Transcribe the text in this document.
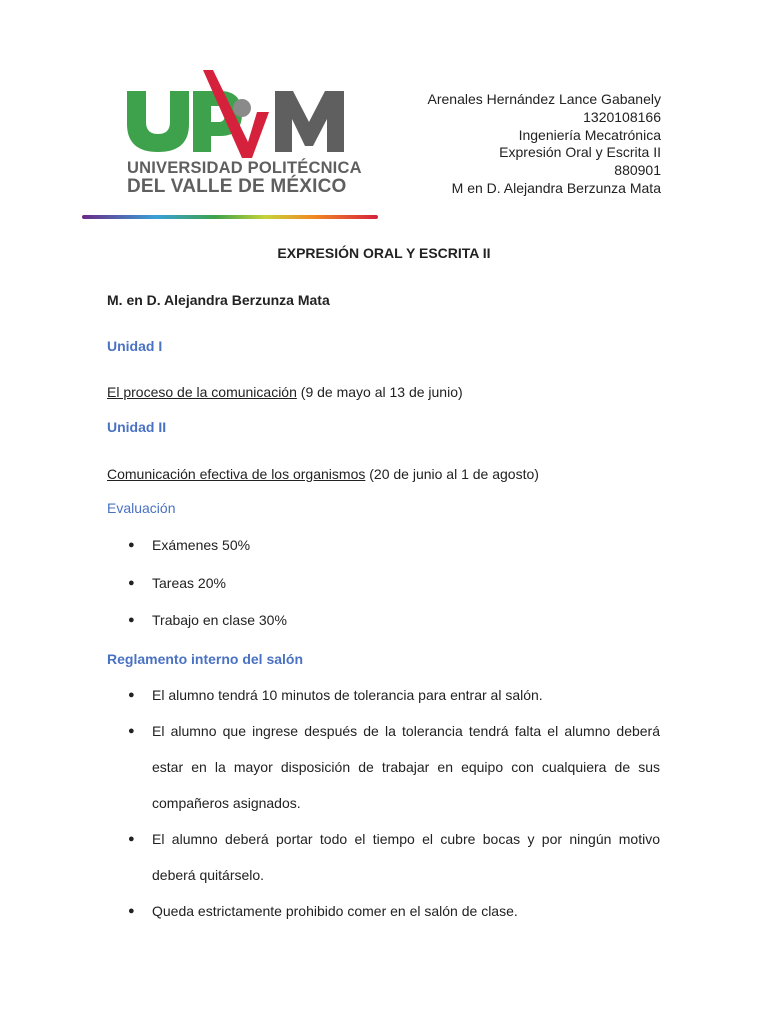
UNIVERSIDAD POLITÉCNICA
DEL VALLE DE MÉXICO
Arenales Hernández Lance Gabanely
1320108166
Ingeniería Mecatrónica
Expresión Oral y Escrita II
880901
M en D. Alejandra Berzunza Mata
EXPRESIÓN ORAL Y ESCRITA II
M. en D. Alejandra Berzunza Mata
Unidad I
El proceso de la comunicación (9 de mayo al 13 de junio)
Unidad II
Comunicación efectiva de los organismos (20 de junio al 1 de agosto)
Evaluación
● Exámenes 50%
● Tareas 20%
● Trabajo en clase 30%
Reglamento interno del salón
● El alumno tendrá 10 minutos de tolerancia para entrar al salón.
● El alumno que ingrese después de la tolerancia tendrá falta el alumno deberá estar en la mayor disposición de trabajar en equipo con cualquiera de sus compañeros asignados.
● El alumno deberá portar todo el tiempo el cubre bocas y por ningún motivo deberá quitárselo.
● Queda estrictamente prohibido comer en el salón de clase.
